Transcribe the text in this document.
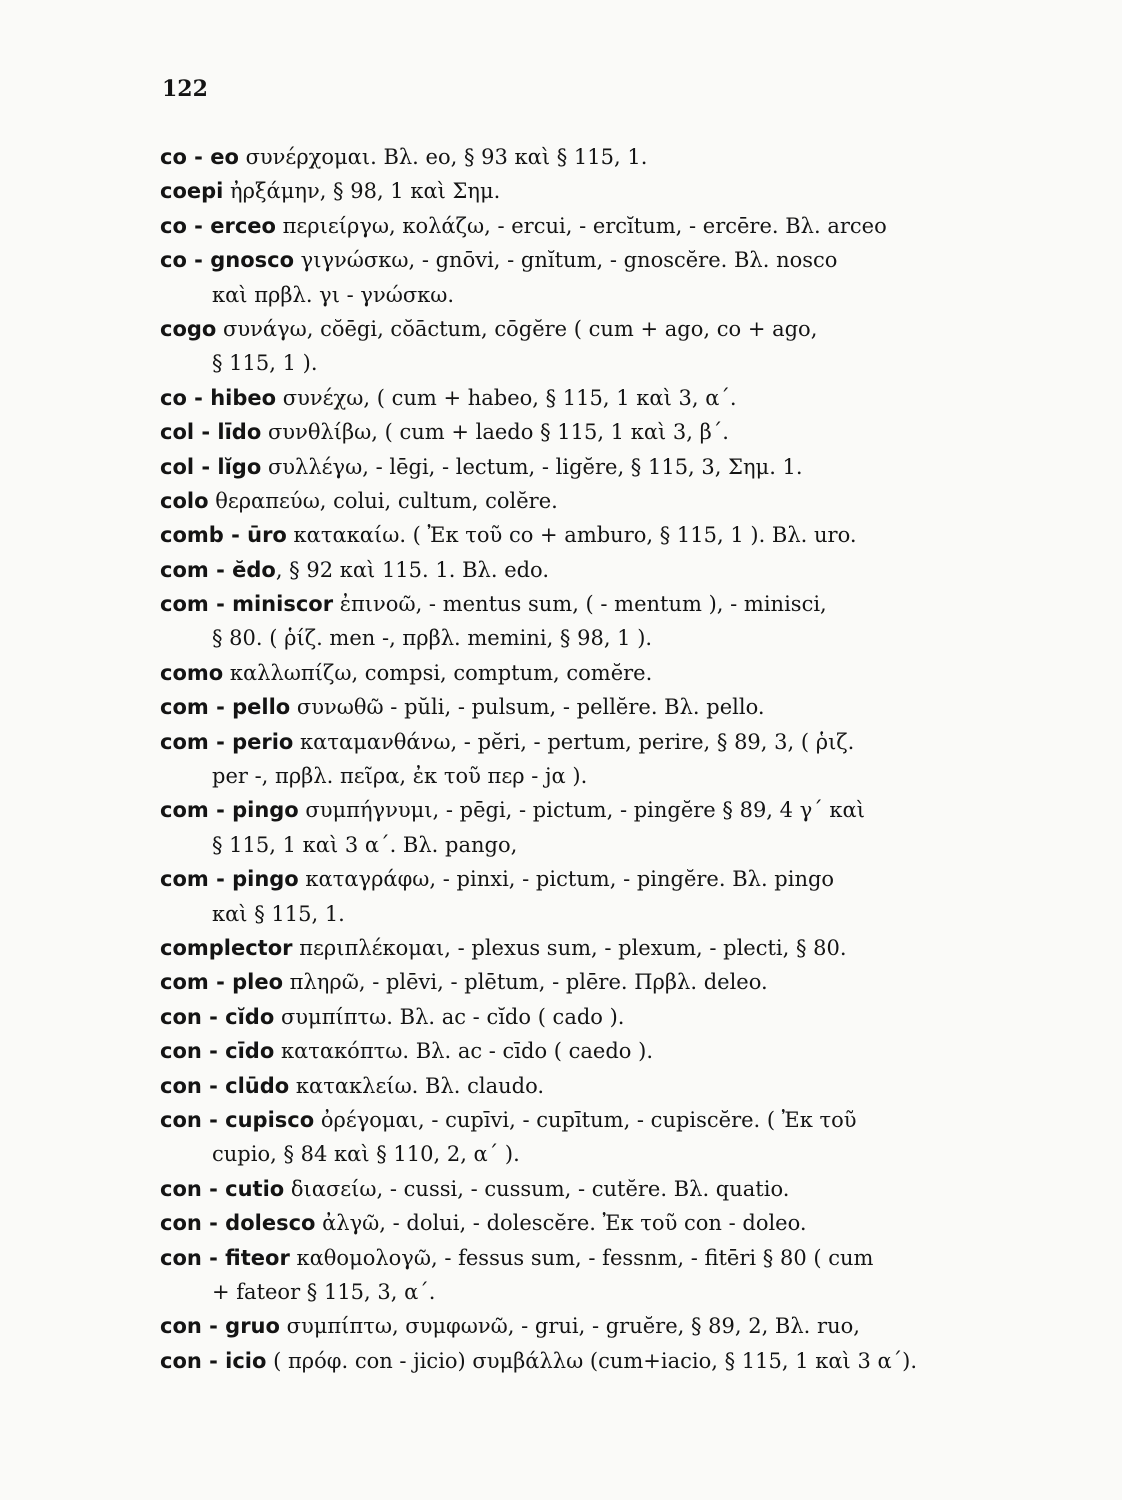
122
co - eo συνέρχομαι. Βλ. eo, § 93 καὶ § 115, 1.
coepi ἠρξάμην, § 98, 1 καὶ Σημ.
co - erceo περιείργω, κολάζω, - ercui, - ercĭtum, - ercēre. Βλ. arceo
co - gnosco γιγνώσκω, - gnōvi, - gnĭtum, - gnoscĕre. Βλ. nosco
καὶ πρβλ. γι - γνώσκω.
cogo συνάγω, cŏēgi, cŏāctum, cōgĕre ( cum + ago, co + ago,
§ 115, 1 ).
co - hibeo συνέχω, ( cum + habeo, § 115, 1 καὶ 3, α΄.
col - līdo συνθλίβω, ( cum + laedo § 115, 1 καὶ 3, β΄.
col - lĭgo συλλέγω, - lēgi, - lectum, - ligĕre, § 115, 3, Σημ. 1.
colo θεραπεύω, colui, cultum, colĕre.
comb - ūro κατακαίω. ( Ἐκ τοῦ co + amburo, § 115, 1 ). Βλ. uro.
com - ĕdo, § 92 καὶ 115. 1. Βλ. edo.
com - miniscor ἐπινοῶ, - mentus sum, ( - mentum ), - minisci,
§ 80. ( ῥίζ. men -, πρβλ. memini, § 98, 1 ).
como καλλωπίζω, compsi, comptum, comĕre.
com - pello συνωθῶ - pŭli, - pulsum, - pellĕre. Βλ. pello.
com - perio καταμανθάνω, - pĕri, - pertum, perire, § 89, 3, ( ῥιζ.
per -, πρβλ. πεῖρα, ἐκ τοῦ περ - jα ).
com - pingo συμπήγνυμι, - pēgi, - pictum, - pingĕre § 89, 4 γ΄ καὶ
§ 115, 1 καὶ 3 α΄. Βλ. pango,
com - pingo καταγράφω, - pinxi, - pictum, - pingĕre. Βλ. pingo
καὶ § 115, 1.
complector περιπλέκομαι, - plexus sum, - plexum, - plecti, § 80.
com - pleo πληρῶ, - plēvi, - plētum, - plēre. Πρβλ. deleo.
con - cĭdo συμπίπτω. Βλ. ac - cĭdo ( cado ).
con - cīdo κατακόπτω. Βλ. ac - cīdo ( caedo ).
con - clūdo κατακλείω. Βλ. claudo.
con - cupisco ὀρέγομαι, - cupīvi, - cupītum, - cupiscĕre. ( Ἐκ τοῦ
cupio, § 84 καὶ § 110, 2, α΄ ).
con - cutio διασείω, - cussi, - cussum, - cutĕre. Βλ. quatio.
con - dolesco ἀλγῶ, - dolui, - dolescĕre. Ἐκ τοῦ con - doleo.
con - fiteor καθομολογῶ, - fessus sum, - fessnm, - fitēri § 80 ( cum
+ fateor § 115, 3, α΄.
con - gruo συμπίπτω, συμφωνῶ, - grui, - gruĕre, § 89, 2, Βλ. ruo,
con - icio ( πρόφ. con - jicio) συμβάλλω (cum+iacio, § 115, 1 καὶ 3 α΄).
